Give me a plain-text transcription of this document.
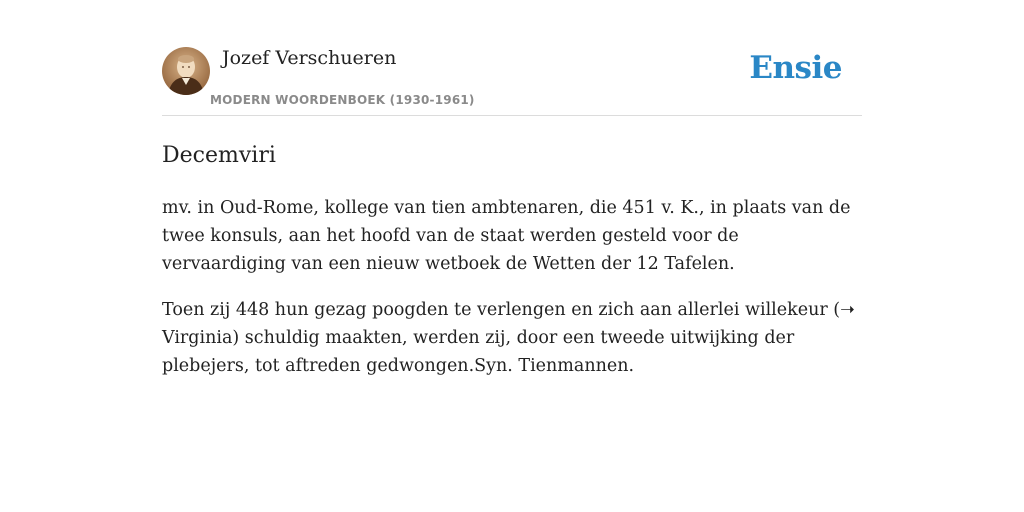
Jozef Verschueren
MODERN WOORDENBOEK (1930-1961)
Ensie
Decemviri

mv. in Oud-Rome, kollege van tien ambtenaren, die 451 v. K., in plaats van de twee konsuls, aan het hoofd van de staat werden gesteld voor de vervaardiging van een nieuw wetboek de Wetten der 12 Tafelen.

Toen zij 448 hun gezag poogden te verlengen en zich aan allerlei willekeur (➝ Virginia) schuldig maakten, werden zij, door een tweede uitwijking der plebejers, tot aftreden gedwongen.Syn. Tienmannen.
